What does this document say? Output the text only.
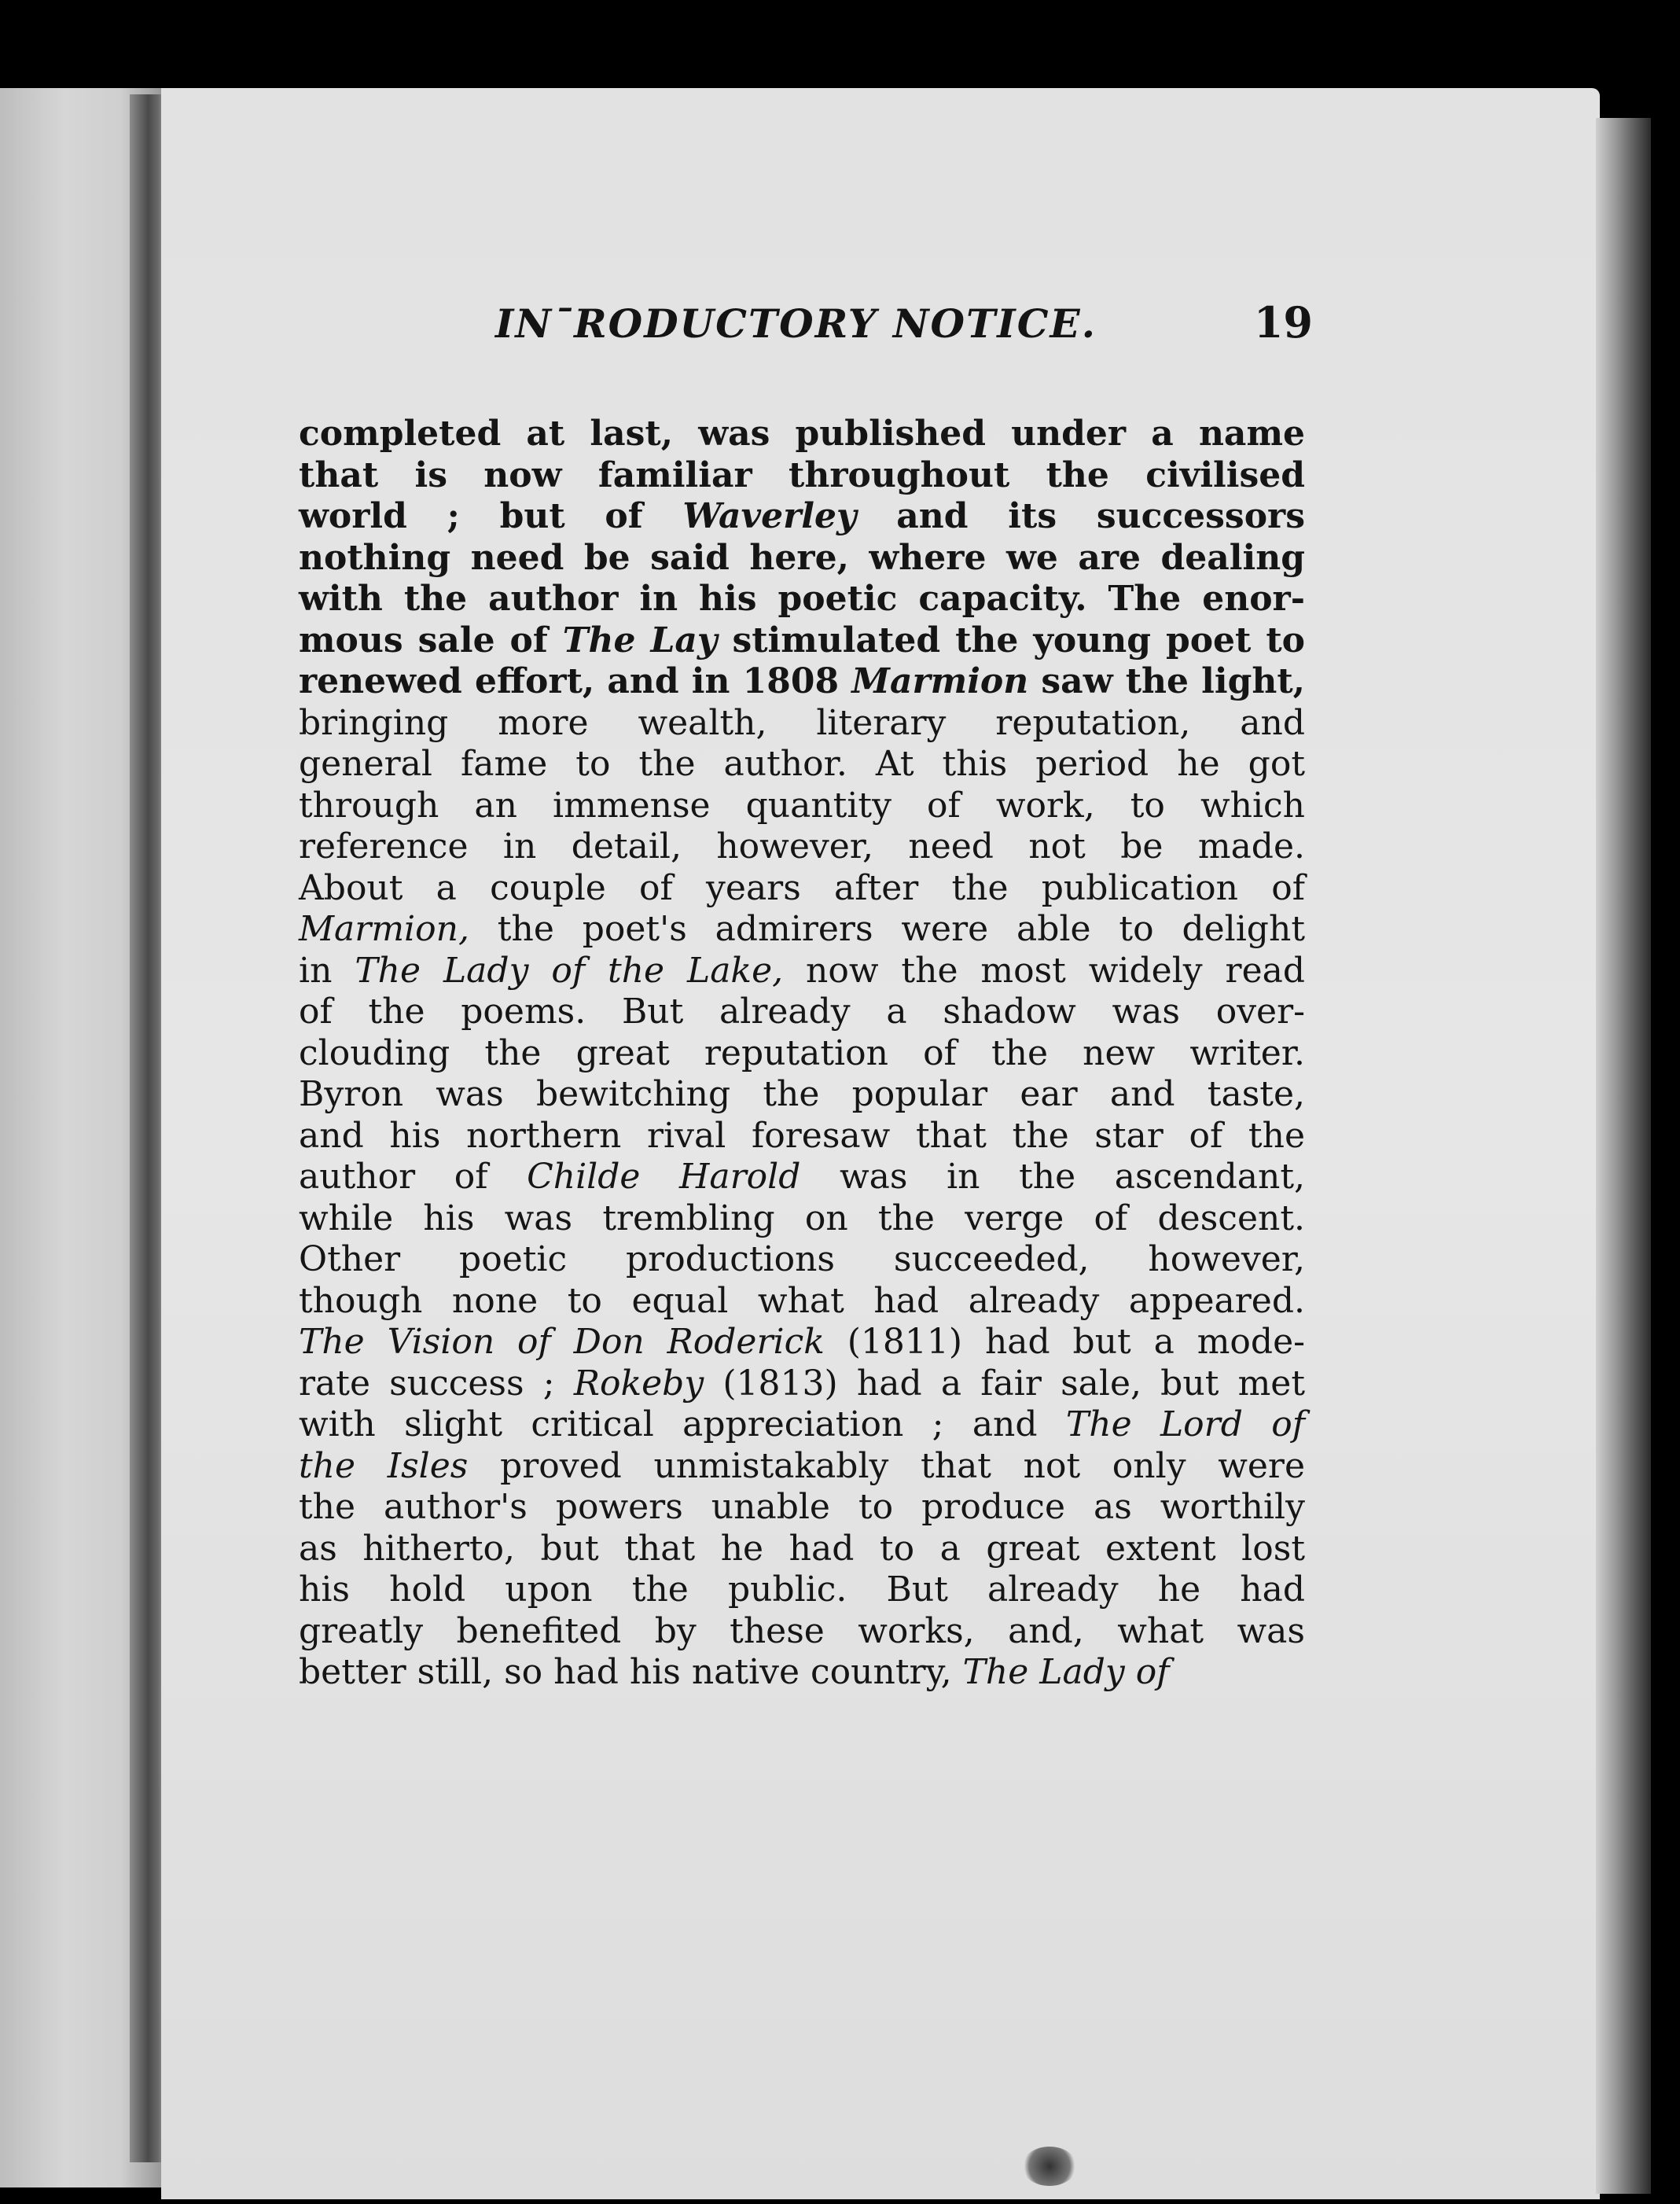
IN¯RODUCTORY NOTICE.	19
completed at last, was published under a name
that is now familiar throughout the civilised
world ; but of Waverley and its successors
nothing need be said here, where we are dealing
with the author in his poetic capacity. The enor-
mous sale of The Lay stimulated the young poet to
renewed effort, and in 1808 Marmion saw the light,
bringing more wealth, literary reputation, and
general fame to the author. At this period he got
through an immense quantity of work, to which
reference in detail, however, need not be made.
About a couple of years after the publication of
Marmion, the poet's admirers were able to delight
in The Lady of the Lake, now the most widely read
of the poems. But already a shadow was over-
clouding the great reputation of the new writer.
Byron was bewitching the popular ear and taste,
and his northern rival foresaw that the star of the
author of Childe Harold was in the ascendant,
while his was trembling on the verge of descent.
Other poetic productions succeeded, however,
though none to equal what had already appeared.
The Vision of Don Roderick (1811) had but a mode-
rate success ; Rokeby (1813) had a fair sale, but met
with slight critical appreciation ; and The Lord of
the Isles proved unmistakably that not only were
the author's powers unable to produce as worthily
as hitherto, but that he had to a great extent lost
his hold upon the public. But already he had
greatly benefited by these works, and, what was
better still, so had his native country, The Lady of
